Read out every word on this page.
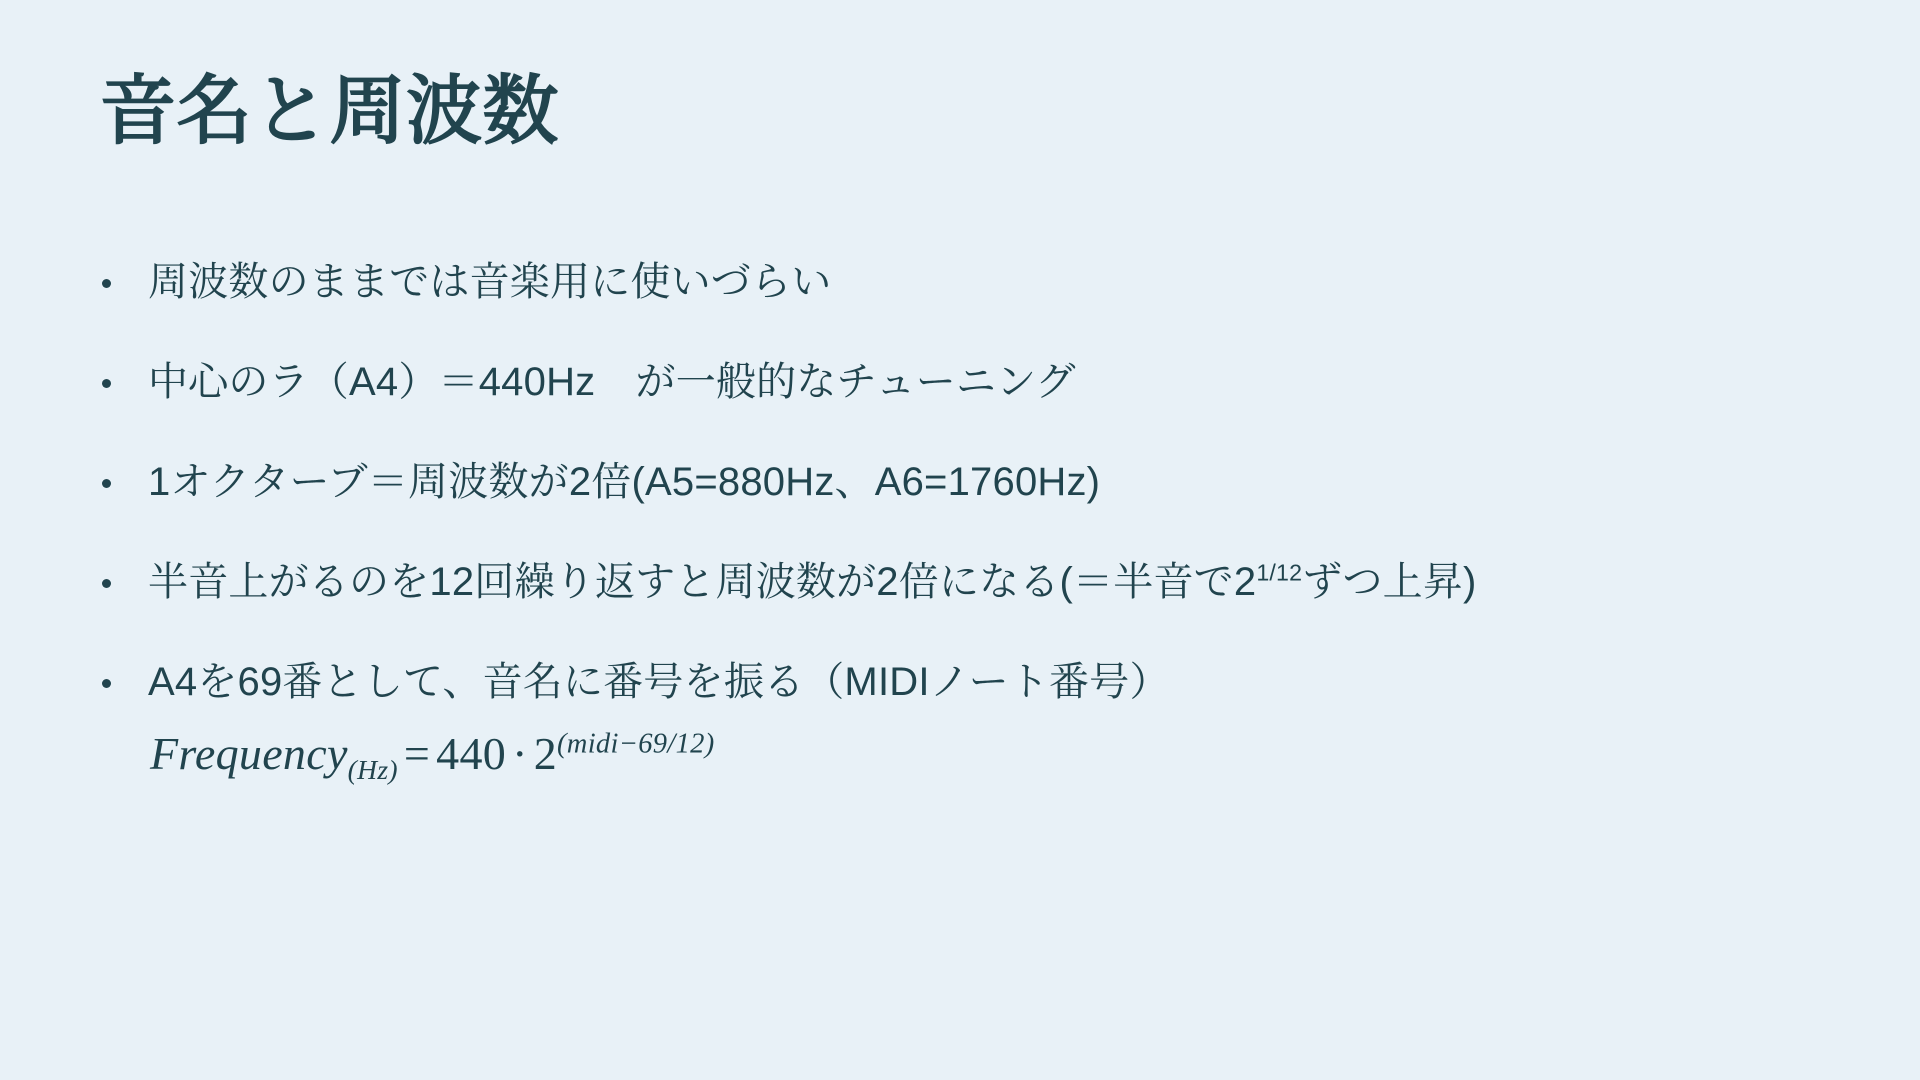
音名と周波数
周波数のままでは音楽用に使いづらい
中心のラ（A4）＝440Hz　が一般的なチューニング
1オクターブ＝周波数が2倍(A5=880Hz、A6=1760Hz)
半音上がるのを12回繰り返すと周波数が2倍になる(＝半音で$2^{1/12}$ずつ上昇)
A4を69番として、音名に番号を振る（MIDIノート番号）
Frequency$_{(Hz)}$ = $440 \cdot 2^{(midi-69/12)}$
